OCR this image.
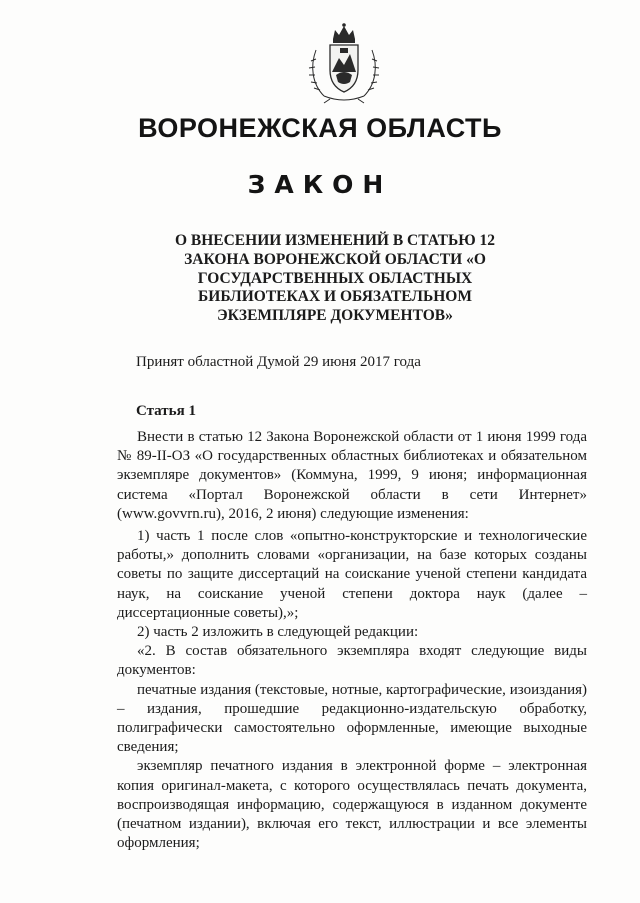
ВОРОНЕЖСКАЯ ОБЛАСТЬ
ЗАКОН
О ВНЕСЕНИИ ИЗМЕНЕНИЙ В СТАТЬЮ 12
ЗАКОНА ВОРОНЕЖСКОЙ ОБЛАСТИ «О
ГОСУДАРСТВЕННЫХ ОБЛАСТНЫХ
БИБЛИОТЕКАХ И ОБЯЗАТЕЛЬНОМ
ЭКЗЕМПЛЯРЕ ДОКУМЕНТОВ»
Принят областной Думой 29 июня 2017 года
Статья 1

Внести в статью 12 Закона Воронежской области от 1 июня 1999 года № 89-II-ОЗ «О государственных областных библиотеках и обязательном экземпляре документов» (Коммуна, 1999, 9 июня; информационная система «Портал Воронежской области в сети Интернет» (www.govvrn.ru), 2016, 2 июня) следующие изменения:

1) часть 1 после слов «опытно-конструкторские и технологические работы,» дополнить словами «организации, на базе которых созданы советы по защите диссертаций на соискание ученой степени кандидата наук, на соискание ученой степени доктора наук (далее – диссертационные советы),»;

2) часть 2 изложить в следующей редакции:

«2. В состав обязательного экземпляра входят следующие виды документов:

печатные издания (текстовые, нотные, картографические, изоиздания) – издания, прошедшие редакционно-издательскую обработку, полиграфически самостоятельно оформленные, имеющие выходные сведения;

экземпляр печатного издания в электронной форме – электронная копия оригинал-макета, с которого осуществлялась печать документа, воспроизводящая информацию, содержащуюся в изданном документе (печатном издании), включая его текст, иллюстрации и все элементы оформления;
